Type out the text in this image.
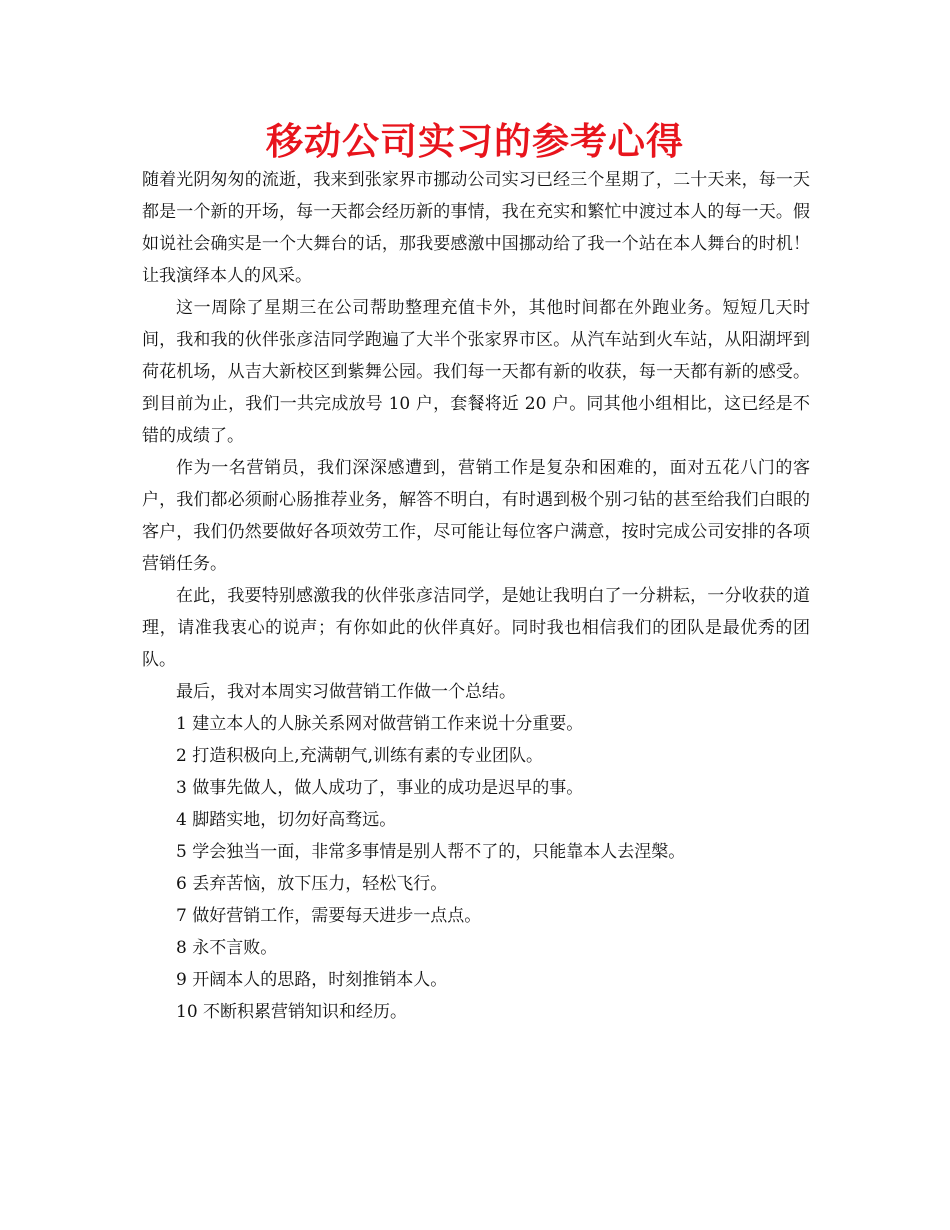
移动公司实习的参考心得

随着光阴匆匆的流逝，我来到张家界市挪动公司实习已经三个星期了，二十天来，每一天都是一个新的开场，每一天都会经历新的事情，我在充实和繁忙中渡过本人的每一天。假如说社会确实是一个大舞台的话，那我要感激中国挪动给了我一个站在本人舞台的时机！让我演绎本人的风采。

这一周除了星期三在公司帮助整理充值卡外，其他时间都在外跑业务。短短几天时间，我和我的伙伴张彦洁同学跑遍了大半个张家界市区。从汽车站到火车站，从阳湖坪到荷花机场，从吉大新校区到紫舞公园。我们每一天都有新的收获，每一天都有新的感受。到目前为止，我们一共完成放号 10 户，套餐将近 20 户。同其他小组相比，这已经是不错的成绩了。

作为一名营销员，我们深深感遭到，营销工作是复杂和困难的，面对五花八门的客户，我们都必须耐心肠推荐业务，解答不明白，有时遇到极个别刁钻的甚至给我们白眼的客户，我们仍然要做好各项效劳工作，尽可能让每位客户满意，按时完成公司安排的各项营销任务。

在此，我要特别感激我的伙伴张彦洁同学，是她让我明白了一分耕耘，一分收获的道理，请准我衷心的说声；有你如此的伙伴真好。同时我也相信我们的团队是最优秀的团队。

最后，我对本周实习做营销工作做一个总结。

1 建立本人的人脉关系网对做营销工作来说十分重要。

2 打造积极向上,充满朝气,训练有素的专业团队。

3 做事先做人，做人成功了，事业的成功是迟早的事。

4 脚踏实地，切勿好高骛远。

5 学会独当一面，非常多事情是别人帮不了的，只能靠本人去涅槃。

6 丢弃苦恼，放下压力，轻松飞行。

7 做好营销工作，需要每天进步一点点。

8 永不言败。

9 开阔本人的思路，时刻推销本人。

10 不断积累营销知识和经历。
